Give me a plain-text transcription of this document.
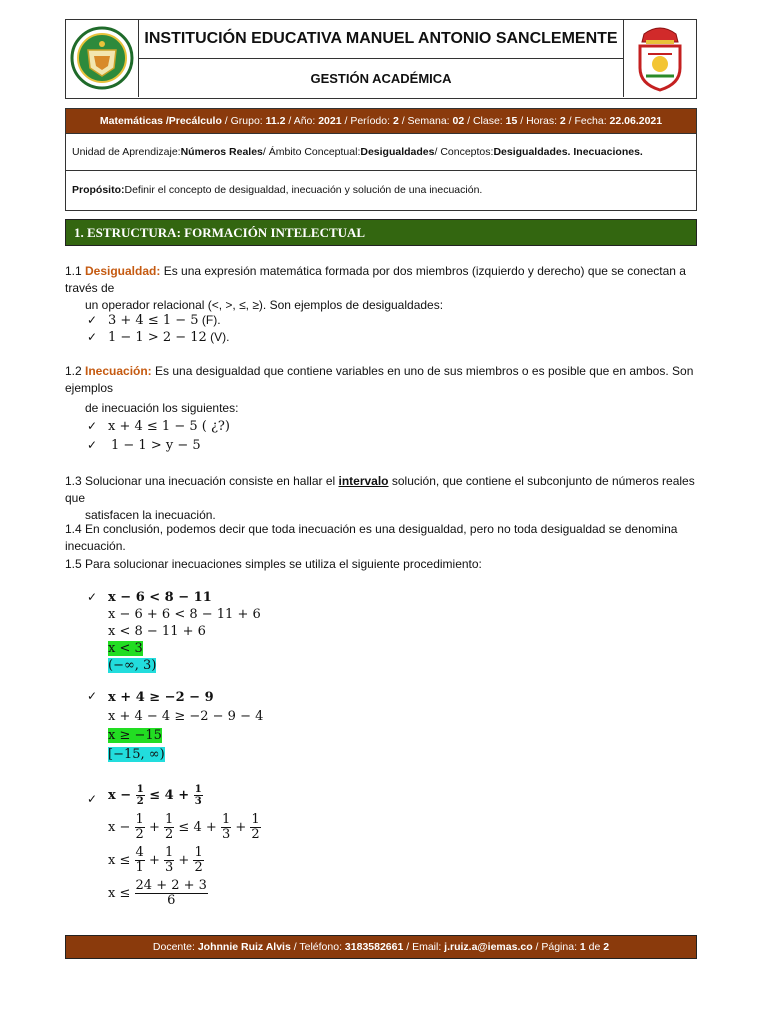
INSTITUCIÓN EDUCATIVA MANUEL ANTONIO SANCLEMENTE
GESTIÓN ACADÉMICA
Matemáticas /Precálculo / Grupo: 11.2 / Año: 2021 / Período: 2 / Semana: 02 / Clase: 15 / Horas: 2 / Fecha: 22.06.2021
Unidad de Aprendizaje: Números Reales / Ámbito Conceptual: Desigualdades / Conceptos: Desigualdades. Inecuaciones.
Propósito: Definir el concepto de desigualdad, inecuación y solución de una inecuación.
1. ESTRUCTURA: FORMACIÓN INTELECTUAL
1.1 Desigualdad: Es una expresión matemática formada por dos miembros (izquierdo y derecho) que se conectan a través de
un operador relacional (<, >, ≤, ≥). Son ejemplos de desigualdades:
✓ 3 + 4 ≤ 1 − 5 (F).
✓ 1 − 1 > 2 − 12 (V).
1.2 Inecuación: Es una desigualdad que contiene variables en uno de sus miembros o es posible que en ambos. Son ejemplos
de inecuación los siguientes:
✓ x + 4 ≤ 1 − 5 ( ¿?)
✓ 1 − 1 > y − 5
1.3 Solucionar una inecuación consiste en hallar el intervalo solución, que contiene el subconjunto de números reales que
satisfacen la inecuación.
1.4 En conclusión, podemos decir que toda inecuación es una desigualdad, pero no toda desigualdad se denomina inecuación.
1.5 Para solucionar inecuaciones simples se utiliza el siguiente procedimiento:
✓ x − 6 < 8 − 11
x − 6 + 6 < 8 − 11 + 6
x < 8 − 11 + 6
x < 3
(−∞, 3)
✓ x + 4 ≥ −2 − 9
x + 4 − 4 ≥ −2 − 9 − 4
x ≥ −15
[−15, ∞)
✓ $x - \frac{1}{2} \le 4 + \frac{1}{3}$
$x - \frac{1}{2} + \frac{1}{2} \le 4 + \frac{1}{3} + \frac{1}{2}$
$x \le \frac{4}{1} + \frac{1}{3} + \frac{1}{2}$
$x \le \frac{24 + 2 + 3}{6}$
Docente: Johnnie Ruiz Alvis / Teléfono: 3183582661 / Email: j.ruiz.a@iemas.co / Página: 1 de 2
